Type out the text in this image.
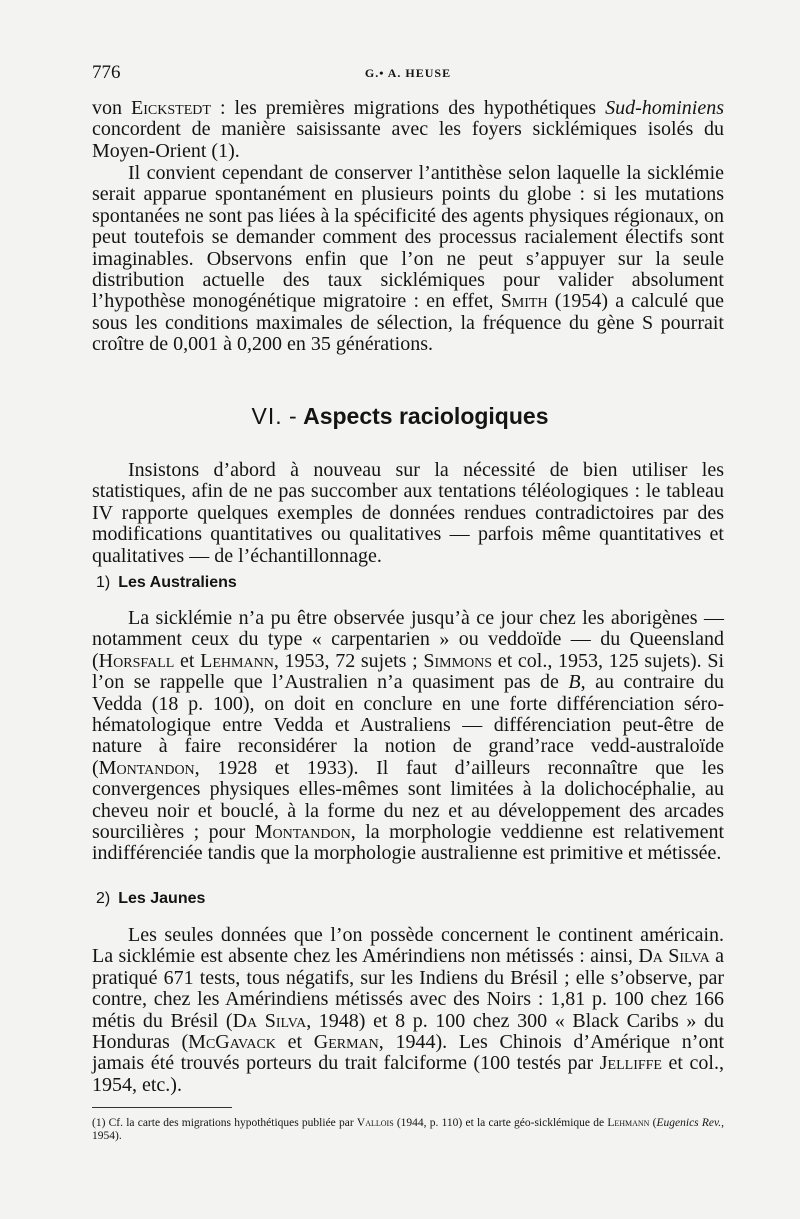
776	G.• A. HEUSE

von Eickstedt : les premières migrations des hypothétiques Sud-hominiens concordent de manière saisissante avec les foyers sicklémiques isolés du Moyen-Orient (1).

Il convient cependant de conserver l’antithèse selon laquelle la sicklémie serait apparue spontanément en plusieurs points du globe : si les mutations spontanées ne sont pas liées à la spécificité des agents physiques régionaux, on peut toutefois se demander comment des processus racialement électifs sont imaginables. Observons enfin que l’on ne peut s’appuyer sur la seule distribution actuelle des taux sicklémiques pour valider absolument l’hypothèse monogénétique migratoire : en effet, Smith (1954) a calculé que sous les conditions maximales de sélection, la fréquence du gène S pourrait croître de 0,001 à 0,200 en 35 générations.

VI. - Aspects raciologiques

Insistons d’abord à nouveau sur la nécessité de bien utiliser les statistiques, afin de ne pas succomber aux tentations téléologiques : le tableau IV rapporte quelques exemples de données rendues contradictoires par des modifications quantitatives ou qualitatives — parfois même quantitatives et qualitatives — de l’échantillonnage.

1) Les Australiens

La sicklémie n’a pu être observée jusqu’à ce jour chez les aborigènes — notamment ceux du type « carpentarien » ou veddoïde — du Queensland (Horsfall et Lehmann, 1953, 72 sujets ; Simmons et col., 1953, 125 sujets). Si l’on se rappelle que l’Australien n’a quasiment pas de B, au contraire du Vedda (18 p. 100), on doit en conclure en une forte différenciation séro-hématologique entre Vedda et Australiens — différenciation peut-être de nature à faire reconsidérer la notion de grand’race vedd-australoïde (Montandon, 1928 et 1933). Il faut d’ailleurs reconnaître que les convergences physiques elles-mêmes sont limitées à la dolichocéphalie, au cheveu noir et bouclé, à la forme du nez et au développement des arcades sourcilières ; pour Montandon, la morphologie veddienne est relativement indifférenciée tandis que la morphologie australienne est primitive et métissée.

2) Les Jaunes

Les seules données que l’on possède concernent le continent américain. La sicklémie est absente chez les Amérindiens non métissés : ainsi, Da Silva a pratiqué 671 tests, tous négatifs, sur les Indiens du Brésil ; elle s’observe, par contre, chez les Amérindiens métissés avec des Noirs : 1,81 p. 100 chez 166 métis du Brésil (Da Silva, 1948) et 8 p. 100 chez 300 « Black Caribs » du Honduras (McGavack et German, 1944). Les Chinois d’Amérique n’ont jamais été trouvés porteurs du trait falciforme (100 testés par Jelliffe et col., 1954, etc.).

(1) Cf. la carte des migrations hypothétiques publiée par Vallois (1944, p. 110) et la carte géo-sicklémique de Lehmann (Eugenics Rev., 1954).
